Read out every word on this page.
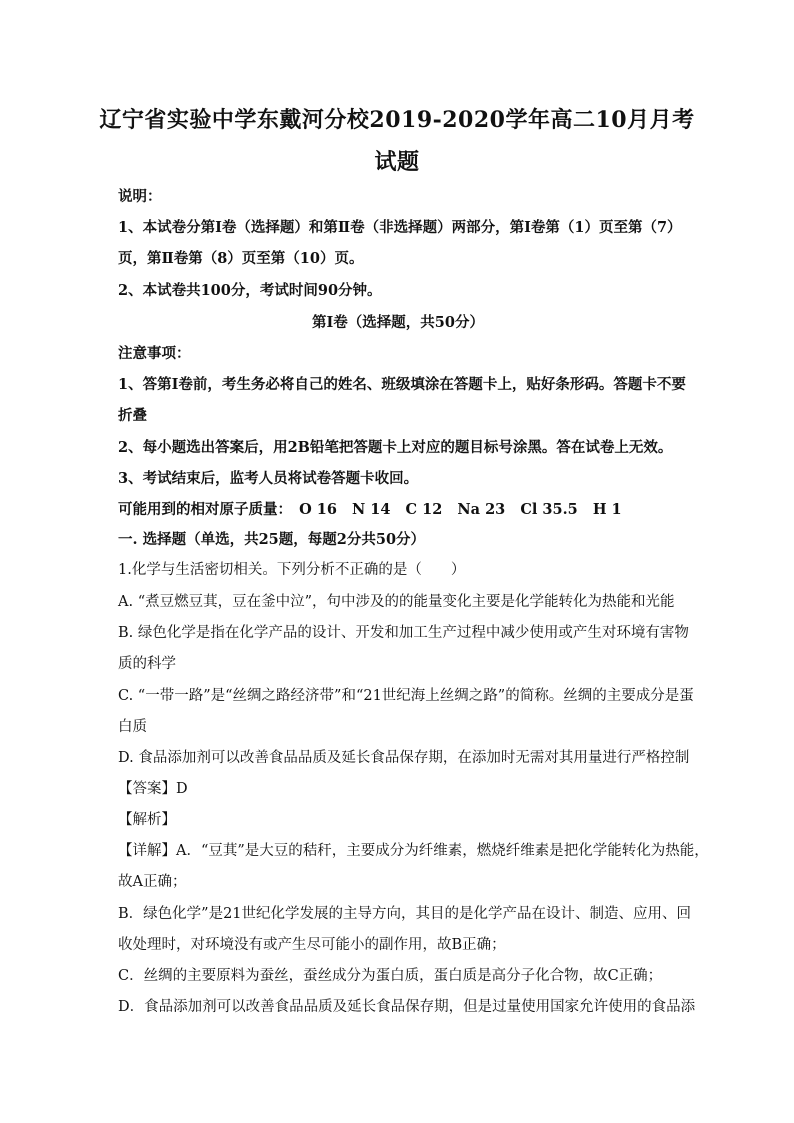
辽宁省实验中学东戴河分校2019-2020学年高二10月月考
试题
说明：
1、本试卷分第Ⅰ卷（选择题）和第Ⅱ卷（非选择题）两部分，第Ⅰ卷第（1）页至第（7）
页，第Ⅱ卷第（8）页至第（10）页。
2、本试卷共100分，考试时间90分钟。
第Ⅰ卷（选择题，共50分）
注意事项：
1、答第Ⅰ卷前，考生务必将自己的姓名、班级填涂在答题卡上，贴好条形码。答题卡不要
折叠
2、每小题选出答案后，用2B铅笔把答题卡上对应的题目标号涂黑。答在试卷上无效。
3、考试结束后，监考人员将试卷答题卡收回。
可能用到的相对原子质量： O 16 N 14 C 12 Na 23 Cl 35.5 H 1
一. 选择题（单选，共25题，每题2分共50分）
1.化学与生活密切相关。下列分析不正确的是（　　）
A. “煮豆燃豆萁，豆在釜中泣”，句中涉及的的能量变化主要是化学能转化为热能和光能
B. 绿色化学是指在化学产品的设计、开发和加工生产过程中减少使用或产生对环境有害物
质的科学
C. “一带一路”是“丝绸之路经济带”和“21世纪海上丝绸之路”的简称。丝绸的主要成分是蛋
白质
D. 食品添加剂可以改善食品品质及延长食品保存期，在添加时无需对其用量进行严格控制
【答案】D
【解析】
【详解】A．“豆萁”是大豆的秸秆，主要成分为纤维素，燃烧纤维素是把化学能转化为热能，
故A正确；
B．绿色化学”是21世纪化学发展的主导方向，其目的是化学产品在设计、制造、应用、回
收处理时，对环境没有或产生尽可能小的副作用，故B正确；
C．丝绸的主要原料为蚕丝，蚕丝成分为蛋白质，蛋白质是高分子化合物，故C正确；
D．食品添加剂可以改善食品品质及延长食品保存期，但是过量使用国家允许使用的食品添
